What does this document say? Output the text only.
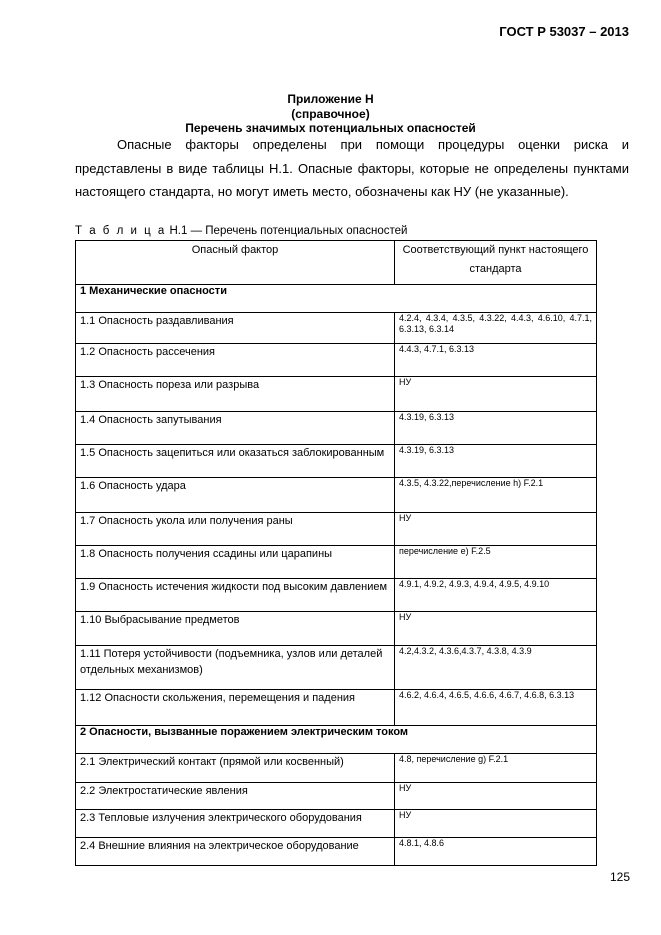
ГОСТ Р 53037 – 2013
Приложение Н
(справочное)
Перечень значимых потенциальных опасностей
Опасные факторы определены при помощи процедуры оценки риска и представлены в виде таблицы Н.1. Опасные факторы, которые не определены пунктами настоящего стандарта, но могут иметь место, обозначены как НУ (не указанные).
Т а б л и ц а Н.1 — Перечень потенциальных опасностей
Опасный фактор	Соответствующий пункт настоящего стандарта
1 Механические опасности	
1.1 Опасность раздавливания	4.2.4, 4.3.4, 4.3.5, 4.3.22, 4.4.3, 4.6.10, 4.7.1, 6.3.13, 6.3.14
1.2 Опасность рассечения	4.4.3, 4.7.1, 6.3.13
1.3 Опасность пореза или разрыва	НУ
1.4 Опасность запутывания	4.3.19, 6.3.13
1.5 Опасность зацепиться или оказаться заблокированным	4.3.19, 6.3.13
1.6 Опасность удара	4.3.5, 4.3.22,перечисление h) F.2.1
1.7 Опасность укола или получения раны	НУ
1.8 Опасность получения ссадины или царапины	перечисление e) F.2.5
1.9 Опасность истечения жидкости под высоким давлением	4.9.1, 4.9.2, 4.9.3, 4.9.4, 4.9.5, 4.9.10
1.10 Выбрасывание предметов	НУ
1.11 Потеря устойчивости (подъемника, узлов или деталей отдельных механизмов)	4.2,4.3.2, 4.3.6,4.3.7, 4.3.8, 4.3.9
1.12 Опасности скольжения, перемещения и падения	4.6.2, 4.6.4, 4.6.5, 4.6.6, 4.6.7, 4.6.8, 6.3.13
2 Опасности, вызванные поражением электрическим током	
2.1 Электрический контакт (прямой или косвенный)	4.8, перечисление g) F.2.1
2.2 Электростатические явления	НУ
2.3 Тепловые излучения электрического оборудования	НУ
2.4 Внешние влияния на электрическое оборудование	4.8.1, 4.8.6
125
